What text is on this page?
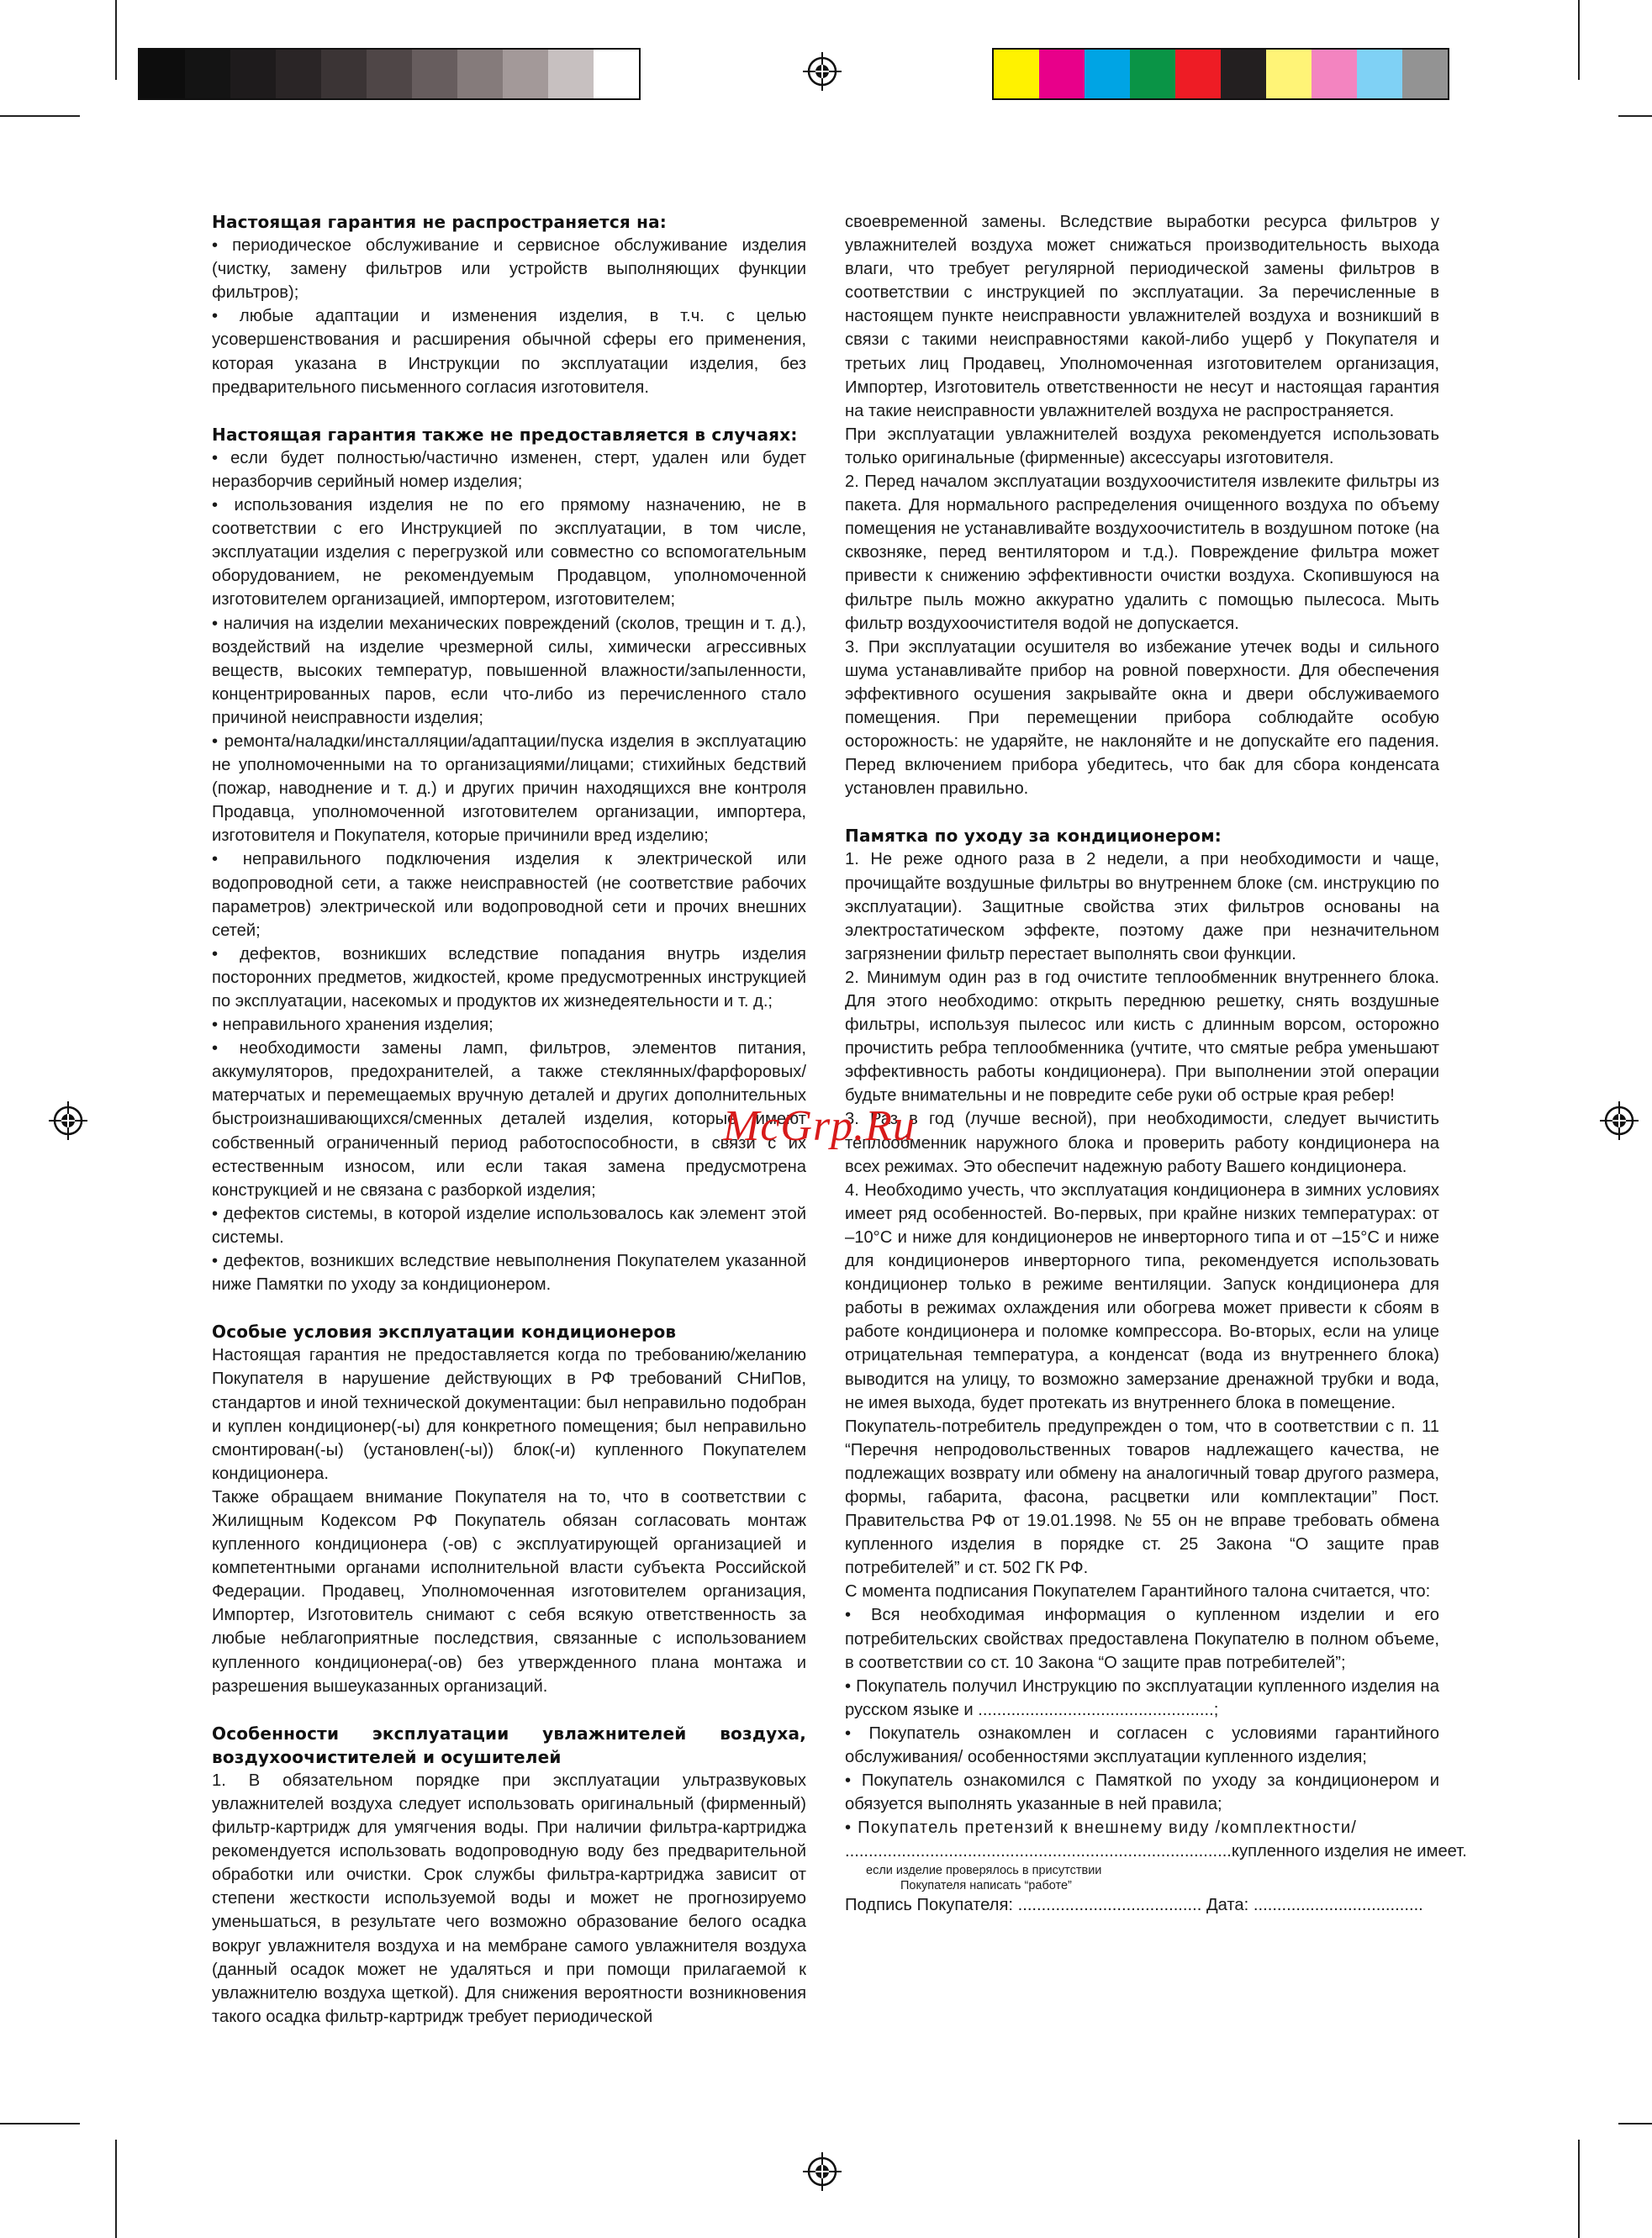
Настоящая гарантия не распространяется на:

• периодическое обслуживание и сервисное обслуживание изделия (чистку, замену фильтров или устройств выполняющих функции фильтров);

• любые адаптации и изменения изделия, в т.ч. с целью усовершенствования и расширения обычной сферы его применения, которая указана в Инструкции по эксплуатации изделия, без предварительного письменного согласия изготовителя.

Настоящая гарантия также не предоставляется в случаях:

• если будет полностью/частично изменен, стерт, удален или будет неразборчив серийный номер изделия;

• использования изделия не по его прямому назначению, не в соответствии с его Инструкцией по эксплуатации, в том числе, эксплуатации изделия с перегрузкой или совместно со вспомогательным оборудованием, не рекомендуемым Продавцом, уполномоченной изготовителем организацией, импортером, изготовителем;

• наличия на изделии механических повреждений (сколов, трещин и т. д.), воздействий на изделие чрезмерной силы, химически агрессивных веществ, высоких температур, повышенной влажности/запыленности, концентрированных паров, если что-либо из перечисленного стало причиной неисправности изделия;

• ремонта/наладки/инсталляции/адаптации/пуска изделия в эксплуатацию не уполномоченными на то организациями/лицами; стихийных бедствий (пожар, наводнение и т. д.) и других причин находящихся вне контроля Продавца, уполномоченной изготовителем организации, импортера, изготовителя и Покупателя, которые причинили вред изделию;

• неправильного подключения изделия к электрической или водопроводной сети, а также неисправностей (не соответствие рабочих параметров) электрической или водопроводной сети и прочих внешних сетей;

• дефектов, возникших вследствие попадания внутрь изделия посторонних предметов, жидкостей, кроме предусмотренных инструкцией по эксплуатации, насекомых и продуктов их жизнедеятельности и т. д.;

• неправильного хранения изделия;

• необходимости замены ламп, фильтров, элементов питания, аккумуляторов, предохранителей, а также стеклянных/фарфоровых/матерчатых и перемещаемых вручную деталей и других дополнительных быстроизнашивающихся/сменных деталей изделия, которые имеют собственный ограниченный период работоспособности, в связи с их естественным износом, или если такая замена предусмотрена конструкцией и не связана с разборкой изделия;

• дефектов системы, в которой изделие использовалось как элемент этой системы.

• дефектов, возникших вследствие невыполнения Покупателем указанной ниже Памятки по уходу за кондиционером.

Особые условия эксплуатации кондиционеров

Настоящая гарантия не предоставляется когда по требованию/желанию Покупателя в нарушение действующих в РФ требований СНиПов, стандартов и иной технической документации: был неправильно подобран и куплен кондиционер(-ы) для конкретного помещения; был неправильно смонтирован(-ы) (установлен(-ы)) блок(-и) купленного Покупателем кондиционера.

Также обращаем внимание Покупателя на то, что в соответствии с Жилищным Кодексом РФ Покупатель обязан согласовать монтаж купленного кондиционера (-ов) с эксплуатирующей организацией и компетентными органами исполнительной власти субъекта Российской Федерации. Продавец, Уполномоченная изготовителем организация, Импортер, Изготовитель снимают с себя всякую ответственность за любые неблагоприятные последствия, связанные с использованием купленного кондиционера(-ов) без утвержденного плана монтажа и разрешения вышеуказанных организаций.

Особенности эксплуатации увлажнителей воздуха, воздухоочистителей и осушителей

1. В обязательном порядке при эксплуатации ультразвуковых увлажнителей воздуха следует использовать оригинальный (фирменный) фильтр-картридж для умягчения воды. При наличии фильтра-картриджа рекомендуется использовать водопроводную воду без предварительной обработки или очистки. Срок службы фильтра-картриджа зависит от степени жесткости используемой воды и может не прогнозируемо уменьшаться, в результате чего возможно образование белого осадка вокруг увлажнителя воздуха и на мембране самого увлажнителя воздуха (данный осадок может не удаляться и при помощи прилагаемой к увлажнителю воздуха щеткой). Для снижения вероятности возникновения такого осадка фильтр-картридж требует периодической

своевременной замены. Вследствие выработки ресурса фильтров у увлажнителей воздуха может снижаться производительность выхода влаги, что требует регулярной периодической замены фильтров в соответствии с инструкцией по эксплуатации. За перечисленные в настоящем пункте неисправности увлажнителей воздуха и возникший в связи с такими неисправностями какой-либо ущерб у Покупателя и третьих лиц Продавец, Уполномоченная изготовителем организация, Импортер, Изготовитель ответственности не несут и настоящая гарантия на такие неисправности увлажнителей воздуха не распространяется.

При эксплуатации увлажнителей воздуха рекомендуется использовать только оригинальные (фирменные) аксессуары изготовителя.

2. Перед началом эксплуатации воздухоочистителя извлеките фильтры из пакета. Для нормального распределения очищенного воздуха по объему помещения не устанавливайте воздухоочиститель в воздушном потоке (на сквозняке, перед вентилятором и т.д.). Повреждение фильтра может привести к снижению эффективности очистки воздуха. Скопившуюся на фильтре пыль можно аккуратно удалить с помощью пылесоса. Мыть фильтр воздухоочистителя водой не допускается.

3. При эксплуатации осушителя во избежание утечек воды и сильного шума устанавливайте прибор на ровной поверхности. Для обеспечения эффективного осушения закрывайте окна и двери обслуживаемого помещения. При перемещении прибора соблюдайте особую осторожность: не ударяйте, не наклоняйте и не допускайте его падения. Перед включением прибора убедитесь, что бак для сбора конденсата установлен правильно.

Памятка по уходу за кондиционером:

1. Не реже одного раза в 2 недели, а при необходимости и чаще, прочищайте воздушные фильтры во внутреннем блоке (см. инструкцию по эксплуатации). Защитные свойства этих фильтров основаны на электростатическом эффекте, поэтому даже при незначительном загрязнении фильтр перестает выполнять свои функции.

2. Минимум один раз в год очистите теплообменник внутреннего блока. Для этого необходимо: открыть переднюю решетку, снять воздушные фильтры, используя пылесос или кисть с длинным ворсом, осторожно прочистить ребра теплообменника (учтите, что смятые ребра уменьшают эффективность работы кондиционера). При выполнении этой операции будьте внимательны и не повредите себе руки об острые края ребер!

3. Раз в год (лучше весной), при необходимости, следует вычистить теплообменник наружного блока и проверить работу кондиционера на всех режимах. Это обеспечит надежную работу Вашего кондиционера.

4. Необходимо учесть, что эксплуатация кондиционера в зимних условиях имеет ряд особенностей. Во-первых, при крайне низких температурах: от –10°С и ниже для кондиционеров не инверторного типа и от –15°С и ниже для кондиционеров инверторного типа, рекомендуется использовать кондиционер только в режиме вентиляции. Запуск кондиционера для работы в режимах охлаждения или обогрева может привести к сбоям в работе кондиционера и поломке компрессора. Во-вторых, если на улице отрицательная температура, а конденсат (вода из внутреннего блока) выводится на улицу, то возможно замерзание дренажной трубки и вода, не имея выхода, будет протекать из внутреннего блока в помещение.

Покупатель-потребитель предупрежден о том, что в соответствии с п. 11 “Перечня непродовольственных товаров надлежащего качества, не подлежащих возврату или обмену на аналогичный товар другого размера, формы, габарита, фасона, расцветки или комплектации” Пост. Правительства РФ от 19.01.1998. № 55 он не вправе требовать обмена купленного изделия в порядке ст. 25 Закона “О защите прав потребителей” и ст. 502 ГК РФ.

С момента подписания Покупателем Гарантийного талона считается, что:

• Вся необходимая информация о купленном изделии и его потребительских свойствах предоставлена Покупателю в полном объеме, в соответствии со ст. 10 Закона “О защите прав потребителей”;

• Покупатель получил Инструкцию по эксплуатации купленного изделия на русском языке и ..................................................;

• Покупатель ознакомлен и согласен с условиями гарантийного обслуживания/ особенностями эксплуатации купленного изделия;

• Покупатель ознакомился с Памяткой по уходу за кондиционером и обязуется выполнять указанные в ней правила;

• Покупатель претензий к внешнему виду /комплектности/

.................................................................................. купленного изделия не имеет.

если изделие проверялось в присутствии

Покупателя написать “работе”

Подпись Покупателя: ....................................... Дата: ....................................

McGrp.Ru
